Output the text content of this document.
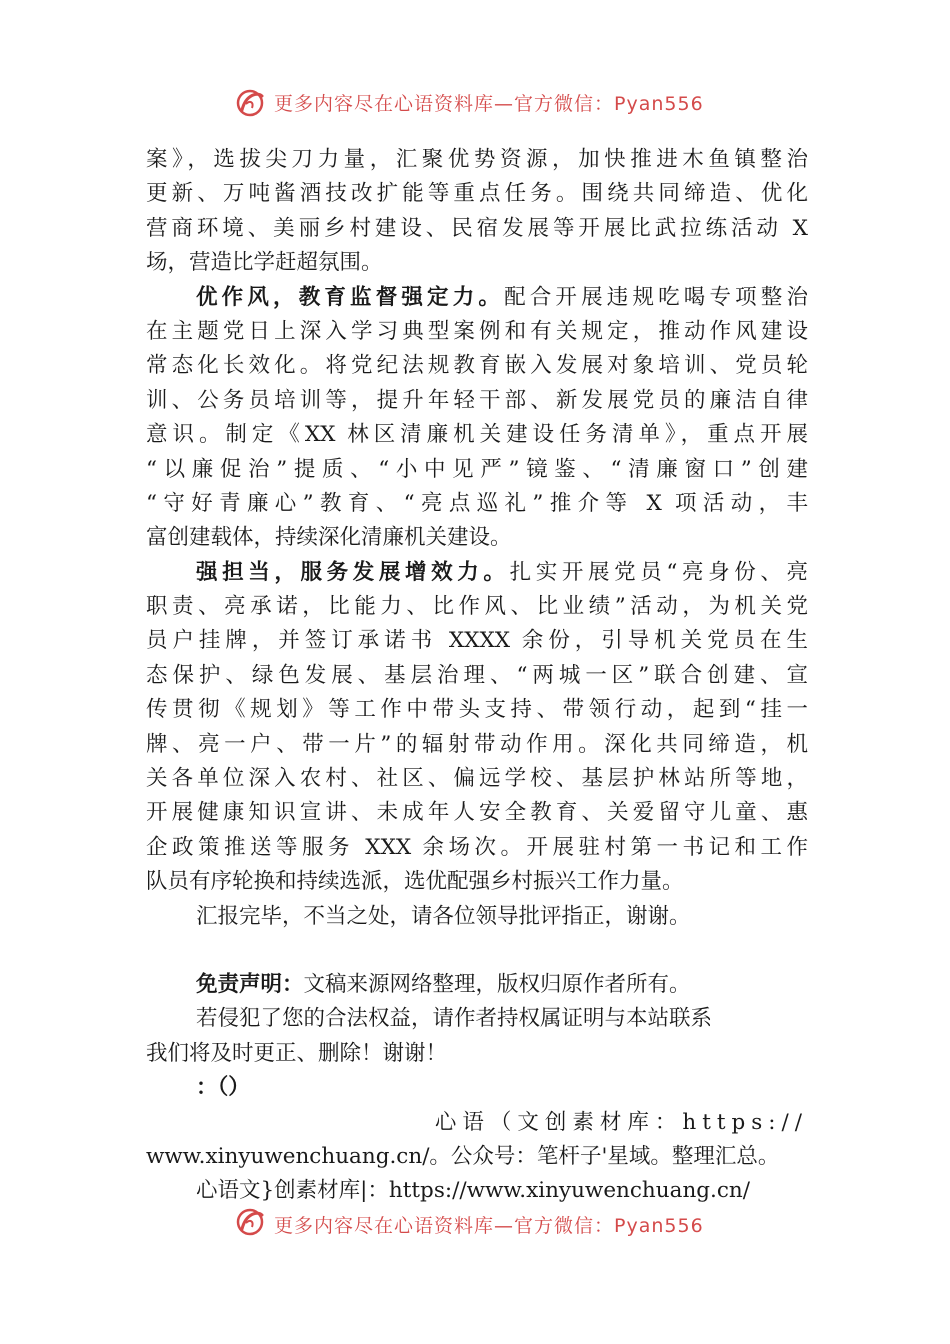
更多内容尽在心语资料库—官方微信：Pyan556
案》，选拔尖刀力量，汇聚优势资源，加快推进木鱼镇整治
更新、万吨酱酒技改扩能等重点任务。围绕共同缔造、优化
营商环境、美丽乡村建设、民宿发展等开展比武拉练活动 X
场，营造比学赶超氛围。
优作风，教育监督强定力。配合开展违规吃喝专项整治
在主题党日上深入学习典型案例和有关规定，推动作风建设
常态化长效化。将党纪法规教育嵌入发展对象培训、党员轮
训、公务员培训等，提升年轻干部、新发展党员的廉洁自律
意识。制定《XX 林区清廉机关建设任务清单》，重点开展
“以廉促治”提质、“小中见严”镜鉴、“清廉窗口”创建
“守好青廉心”教育、“亮点巡礼”推介等 X 项活动，丰
富创建载体，持续深化清廉机关建设。
强担当，服务发展增效力。扎实开展党员“亮身份、亮
职责、亮承诺，比能力、比作风、比业绩”活动，为机关党
员户挂牌，并签订承诺书 XXXX 余份，引导机关党员在生
态保护、绿色发展、基层治理、“两城一区”联合创建、宣
传贯彻《规划》等工作中带头支持、带领行动，起到“挂一
牌、亮一户、带一片”的辐射带动作用。深化共同缔造，机
关各单位深入农村、社区、偏远学校、基层护林站所等地，
开展健康知识宣讲、未成年人安全教育、关爱留守儿童、惠
企政策推送等服务 XXX 余场次。开展驻村第一书记和工作
队员有序轮换和持续选派，选优配强乡村振兴工作力量。
汇报完毕，不当之处，请各位领导批评指正，谢谢。
免责声明：文稿来源网络整理，版权归原作者所有。
若侵犯了您的合法权益，请作者持权属证明与本站联系
我们将及时更正、删除！谢谢！
：（）
心语（文创素材库：https://
www.xinyuwenchuang.cn/。公众号：笔杆子'星域。整理汇总。
心语文}创素材库|：https://www.xinyuwenchuang.cn/
更多内容尽在心语资料库—官方微信：Pyan556
